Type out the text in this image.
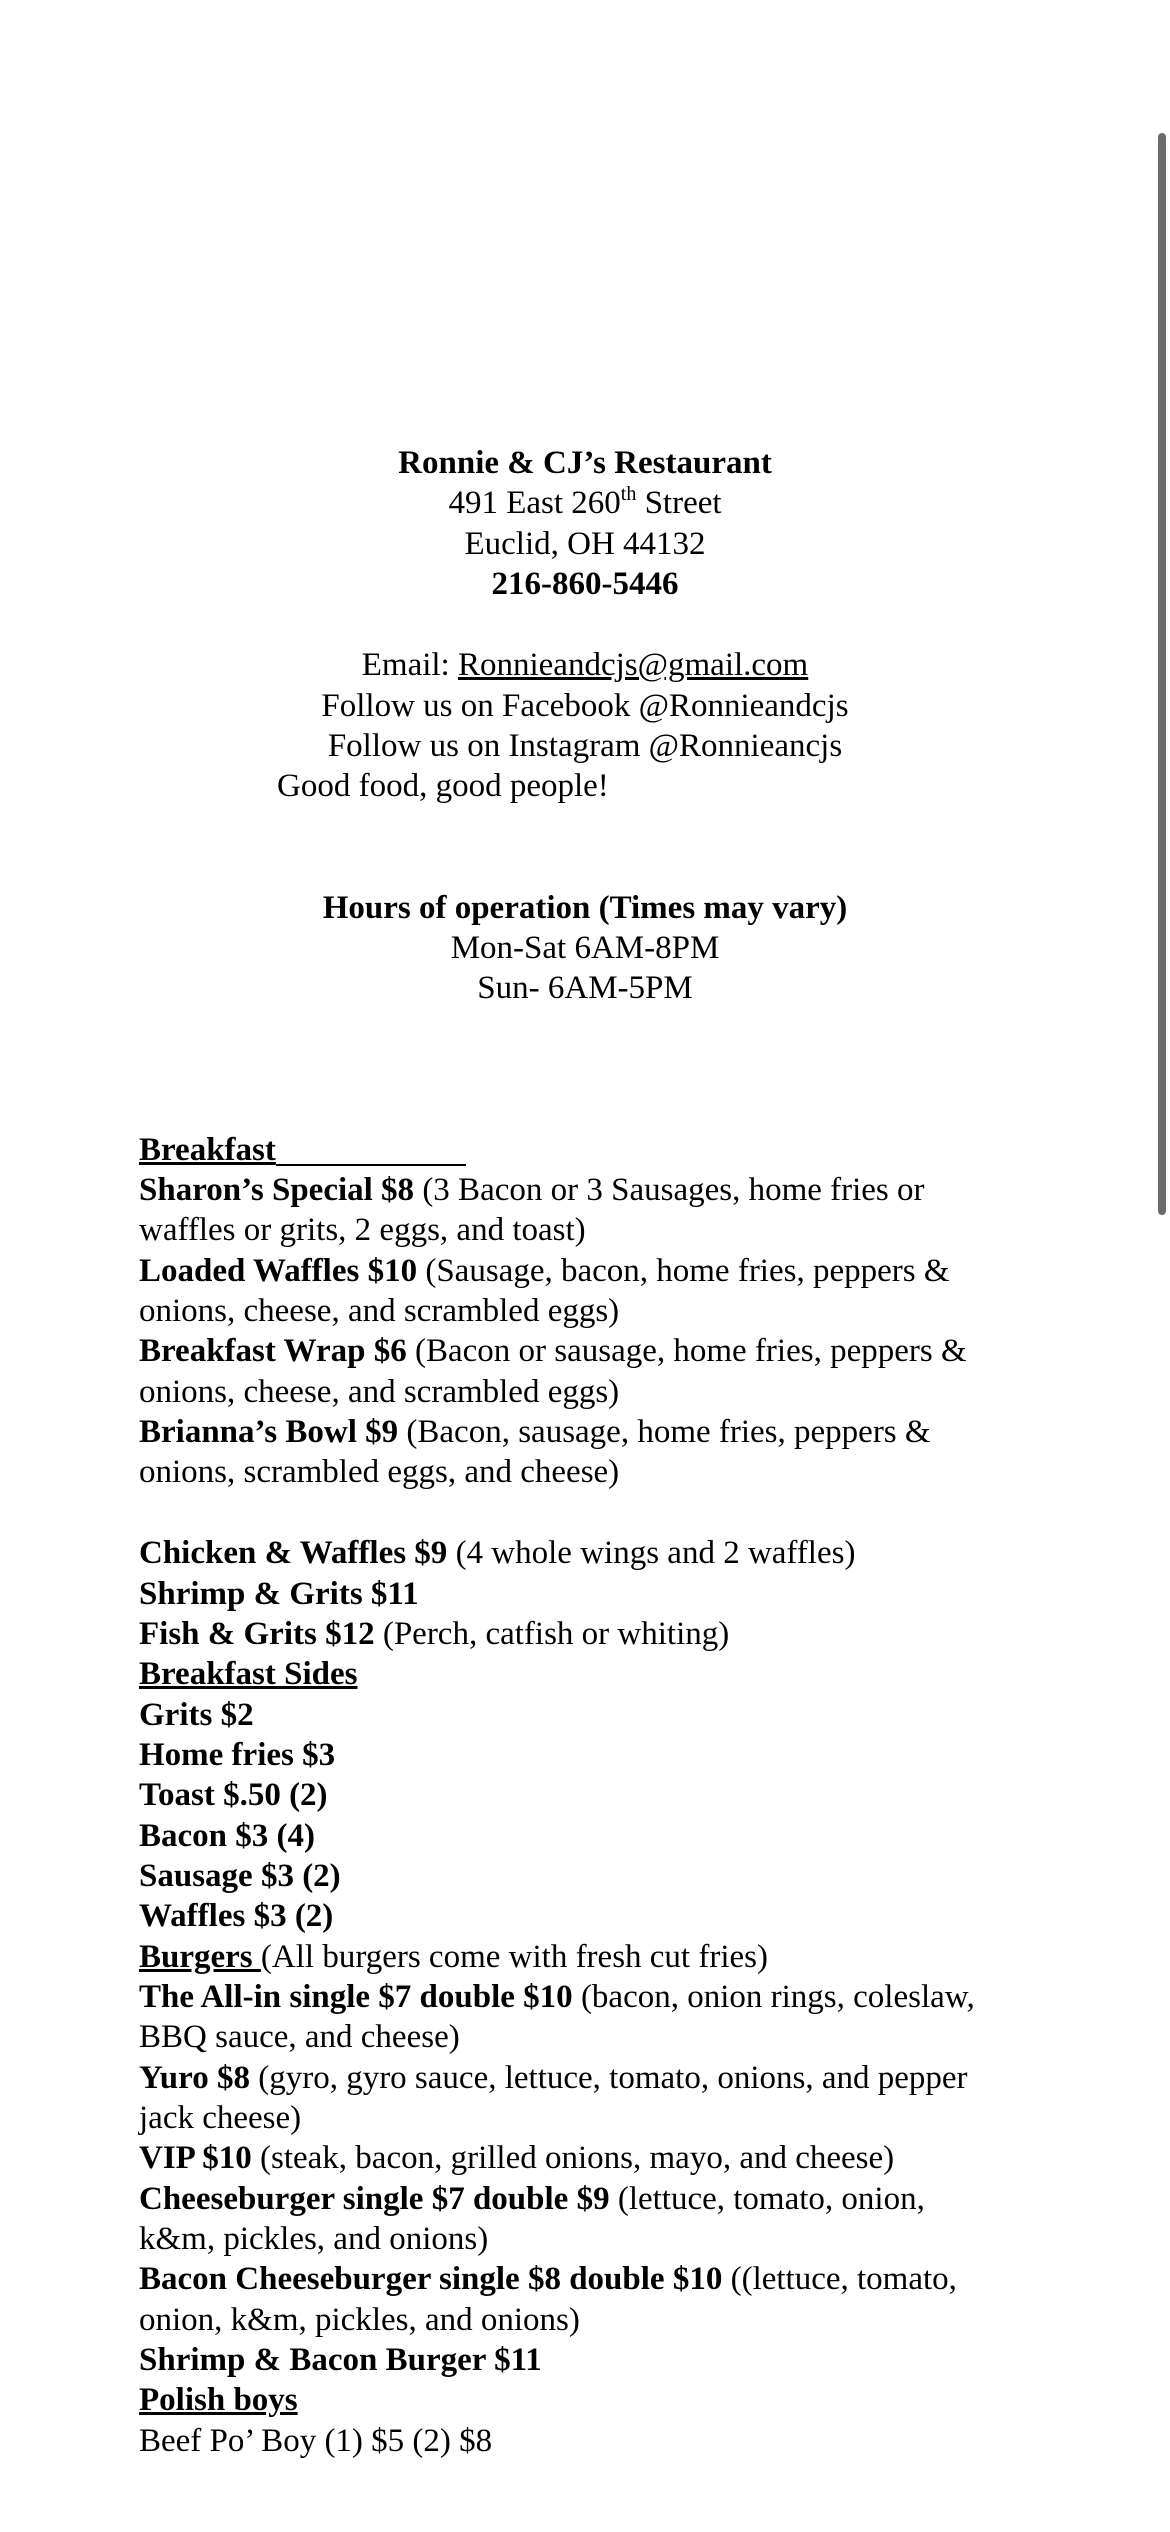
Ronnie & CJ’s Restaurant
491 East 260th Street
Euclid, OH 44132
216-860-5446
Email: Ronnieandcjs@gmail.com
Follow us on Facebook @Ronnieandcjs
Follow us on Instagram @Ronnieancjs
Good food, good people!
Hours of operation (Times may vary)
Mon-Sat 6AM-8PM
Sun- 6AM-5PM
Breakfast
Sharon’s Special $8 (3 Bacon or 3 Sausages, home fries or
waffles or grits, 2 eggs, and toast)
Loaded Waffles $10 (Sausage, bacon, home fries, peppers &
onions, cheese, and scrambled eggs)
Breakfast Wrap $6 (Bacon or sausage, home fries, peppers &
onions, cheese, and scrambled eggs)
Brianna’s Bowl $9 (Bacon, sausage, home fries, peppers &
onions, scrambled eggs, and cheese)
Chicken & Waffles $9 (4 whole wings and 2 waffles)
Shrimp & Grits $11
Fish & Grits $12 (Perch, catfish or whiting)
Breakfast Sides
Grits $2
Home fries $3
Toast $.50 (2)
Bacon $3 (4)
Sausage $3 (2)
Waffles $3 (2)
Burgers (All burgers come with fresh cut fries)
The All-in single $7 double $10 (bacon, onion rings, coleslaw,
BBQ sauce, and cheese)
Yuro $8 (gyro, gyro sauce, lettuce, tomato, onions, and pepper
jack cheese)
VIP $10 (steak, bacon, grilled onions, mayo, and cheese)
Cheeseburger single $7 double $9 (lettuce, tomato, onion,
k&m, pickles, and onions)
Bacon Cheeseburger single $8 double $10 ((lettuce, tomato,
onion, k&m, pickles, and onions)
Shrimp & Bacon Burger $11
Polish boys
Beef Po’ Boy (1) $5 (2) $8
